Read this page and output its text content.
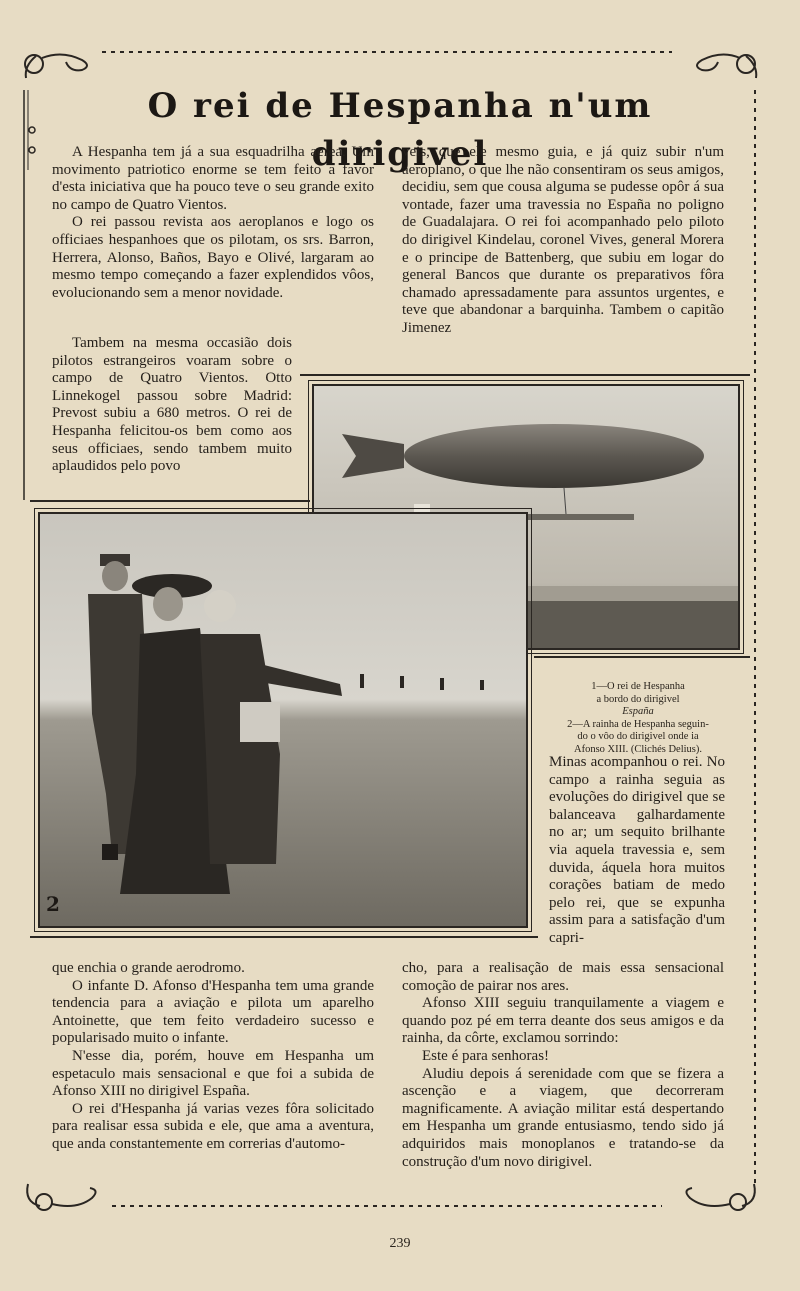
O rei de Hespanha n'um dirigivel

A Hespanha tem já a sua esquadrilha aerea. Um movimento patriotico enorme se tem feito a favor d'esta iniciativa que ha pouco teve o seu grande exito no campo de Quatro Vientos.

O rei passou revista aos aeroplanos e logo os officiaes hespanhoes que os pilotam, os srs. Barron, Herrera, Alonso, Baños, Bayo e Olivé, largaram ao mesmo tempo começando a fazer explendidos vôos, evolucionando sem a menor novidade.

Tambem na mesma occasião dois pilotos estrangeiros voaram sobre o campo de Quatro Vientos. Otto Linnekogel passou sobre Madrid: Prevost subiu a 680 metros. O rei de Hespanha felicitou-os bem como aos seus officiaes, sendo tambem muito aplaudidos pelo povo

veis, que ele mesmo guia, e já quiz subir n'um aeroplano, o que lhe não consentiram os seus amigos, decidiu, sem que cousa alguma se pudesse opôr á sua vontade, fazer uma travessia no España no poligno de Guadalajara. O rei foi acompanhado pelo piloto do dirigivel Kindelau, coronel Vives, general Morera e o principe de Battenberg, que subiu em logar do general Bancos que durante os preparativos fôra chamado apressadamente para assuntos urgentes, e teve que abandonar a barquinha. Tambem o capitão Jimenez

2
1—O rei de Hespanha
a bordo do dirigivel
España
2—A rainha de Hespanha seguin-
do o vôo do dirigivel onde ia
Afonso XIII. (Clichés Delius).

Minas acompanhou o rei. No campo a rainha seguia as evoluções do dirigivel que se balanceava galhardamente no ar; um sequito brilhante via aquela travessia e, sem duvida, áquela hora muitos corações batiam de medo pelo rei, que se expunha assim para a satisfação d'um capri-

que enchia o grande aerodromo.

O infante D. Afonso d'Hespanha tem uma grande tendencia para a aviação e pilota um aparelho Antoinette, que tem feito verdadeiro sucesso e popularisado muito o infante.

N'esse dia, porém, houve em Hespanha um espetaculo mais sensacional e que foi a subida de Afonso XIII no dirigivel España.

O rei d'Hespanha já varias vezes fôra solicitado para realisar essa subida e ele, que ama a aventura, que anda constantemente em correrias d'automo-

cho, para a realisação de mais essa sensacional comoção de pairar nos ares.

Afonso XIII seguiu tranquilamente a viagem e quando poz pé em terra deante dos seus amigos e da rainha, da côrte, exclamou sorrindo:

Este é para senhoras!

Aludiu depois á serenidade com que se fizera a ascenção e a viagem, que decorreram magnificamente. A aviação militar está despertando em Hespanha um grande entusiasmo, tendo sido já adquiridos mais monoplanos e tratando-se da construção d'um novo dirigivel.

239
